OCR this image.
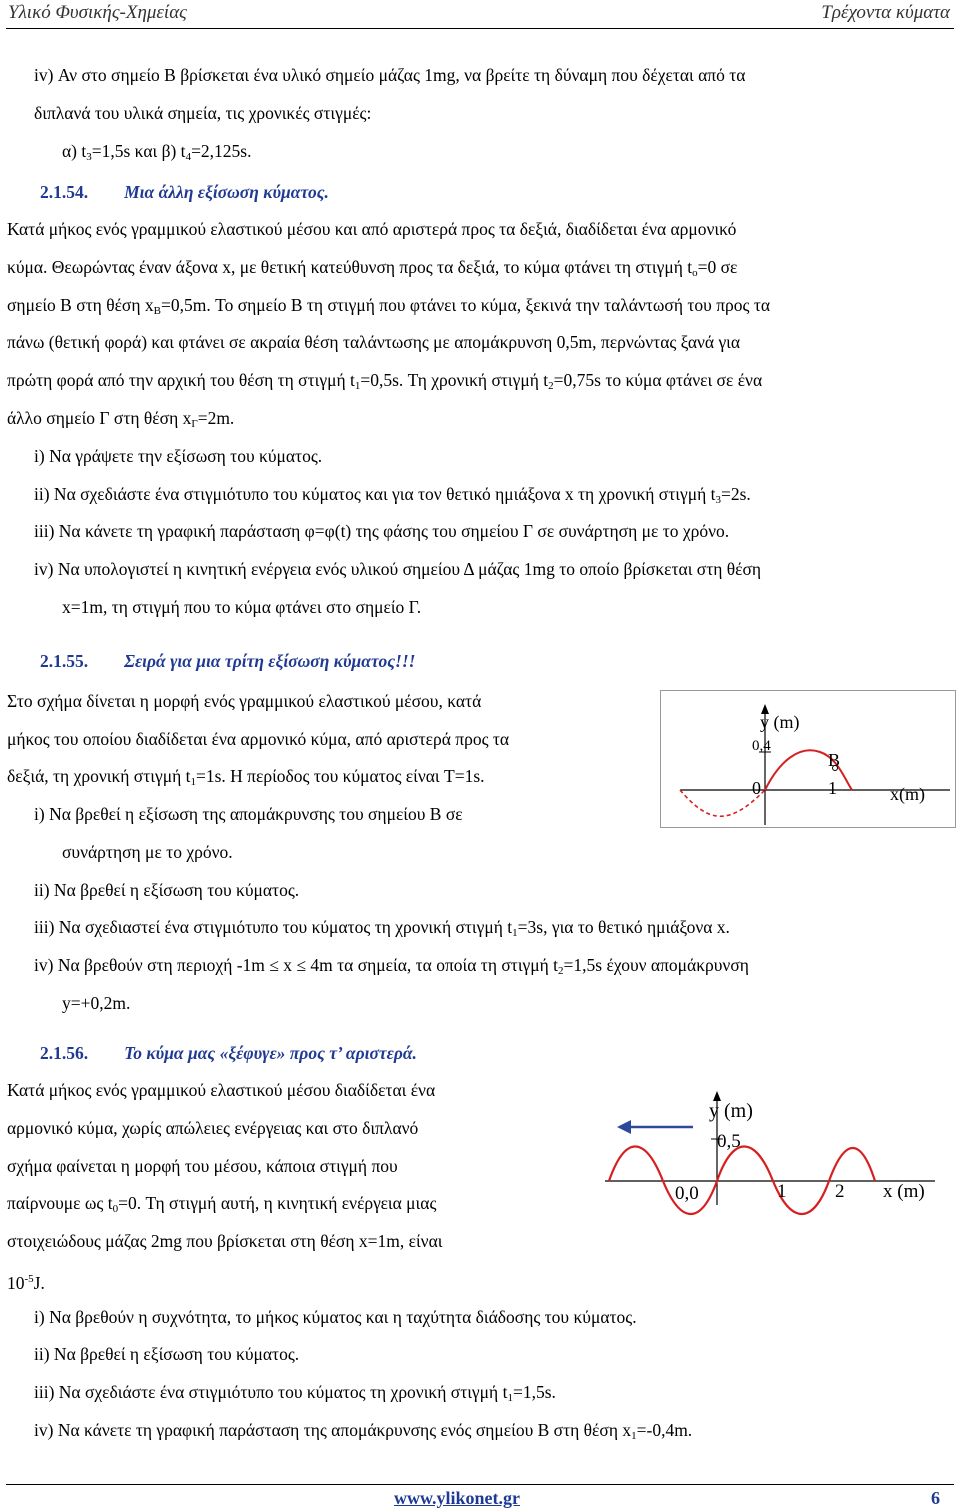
Υλικό Φυσικής-Χημείας	Τρέχοντα κύματα
iv) Αν στο σημείο Β βρίσκεται ένα υλικό σημείο μάζας 1mg, να βρείτε τη δύναμη που δέχεται από τα
διπλανά του υλικά σημεία, τις χρονικές στιγμές:
α) $t_3=1,5s$ και β) $t_4=2,125s$.
2.1.54. Μια άλλη εξίσωση κύματος.
Κατά μήκος ενός γραμμικού ελαστικού μέσου και από αριστερά προς τα δεξιά, διαδίδεται ένα αρμονικό
κύμα. Θεωρώντας έναν άξονα x, με θετική κατεύθυνση προς τα δεξιά, το κύμα φτάνει τη στιγμή $t_o=0$ σε
σημείο Β στη θέση $x_B=0,5m$. Το σημείο Β τη στιγμή που φτάνει το κύμα, ξεκινά την ταλάντωσή του προς τα
πάνω (θετική φορά) και φτάνει σε ακραία θέση ταλάντωσης με απομάκρυνση 0,5m, περνώντας ξανά για
πρώτη φορά από την αρχική του θέση τη στιγμή $t_1=0,5s$. Τη χρονική στιγμή $t_2=0,75s$ το κύμα φτάνει σε ένα
άλλο σημείο Γ στη θέση $x_\Gamma=2m$.
i) Να γράψετε την εξίσωση του κύματος.
ii) Να σχεδιάστε ένα στιγμιότυπο του κύματος και για τον θετικό ημιάξονα x τη χρονική στιγμή $t_3=2s$.
iii) Να κάνετε τη γραφική παράσταση φ=φ(t) της φάσης του σημείου Γ σε συνάρτηση με το χρόνο.
iv) Να υπολογιστεί η κινητική ενέργεια ενός υλικού σημείου Δ μάζας 1mg το οποίο βρίσκεται στη θέση
x=1m, τη στιγμή που το κύμα φτάνει στο σημείο Γ.
2.1.55. Σειρά για μια τρίτη εξίσωση κύματος!!!
Στο σχήμα δίνεται η μορφή ενός γραμμικού ελαστικού μέσου, κατά
μήκος του οποίου διαδίδεται ένα αρμονικό κύμα, από αριστερά προς τα
δεξιά, τη χρονική στιγμή $t_1=1s$. Η περίοδος του κύματος είναι T=1s.
i) Να βρεθεί η εξίσωση της απομάκρυνσης του σημείου Β σε
συνάρτηση με το χρόνο.
ii) Να βρεθεί η εξίσωση του κύματος.
iii) Να σχεδιαστεί ένα στιγμιότυπο του κύματος τη χρονική στιγμή $t_1=3s$, για το θετικό ημιάξονα x.
iv) Να βρεθούν στη περιοχή -1m ≤ x ≤ 4m τα σημεία, τα οποία τη στιγμή $t_2=1,5s$ έχουν απομάκρυνση
y=+0,2m.
y (m)
0,4
B
0	1	x(m)
2.1.56. Το κύμα μας «ξέφυγε» προς τ’ αριστερά.
Κατά μήκος ενός γραμμικού ελαστικού μέσου διαδίδεται ένα
αρμονικό κύμα, χωρίς απώλειες ενέργειας και στο διπλανό
σχήμα φαίνεται η μορφή του μέσου, κάποια στιγμή που
παίρνουμε ως $t_0=0$. Τη στιγμή αυτή, η κινητική ενέργεια μιας
στοιχειώδους μάζας 2mg που βρίσκεται στη θέση x=1m, είναι
$10^{-5}J$.
i) Να βρεθούν η συχνότητα, το μήκος κύματος και η ταχύτητα διάδοσης του κύματος.
ii) Να βρεθεί η εξίσωση του κύματος.
iii) Να σχεδιάστε ένα στιγμιότυπο του κύματος τη χρονική στιγμή $t_1=1,5s$.
iv) Να κάνετε τη γραφική παράσταση της απομάκρυνσης ενός σημείου Β στη θέση $x_1=-0,4m$.
y (m)
0,5
0,0	1	2 x (m)
www.ylikonet.gr	6
